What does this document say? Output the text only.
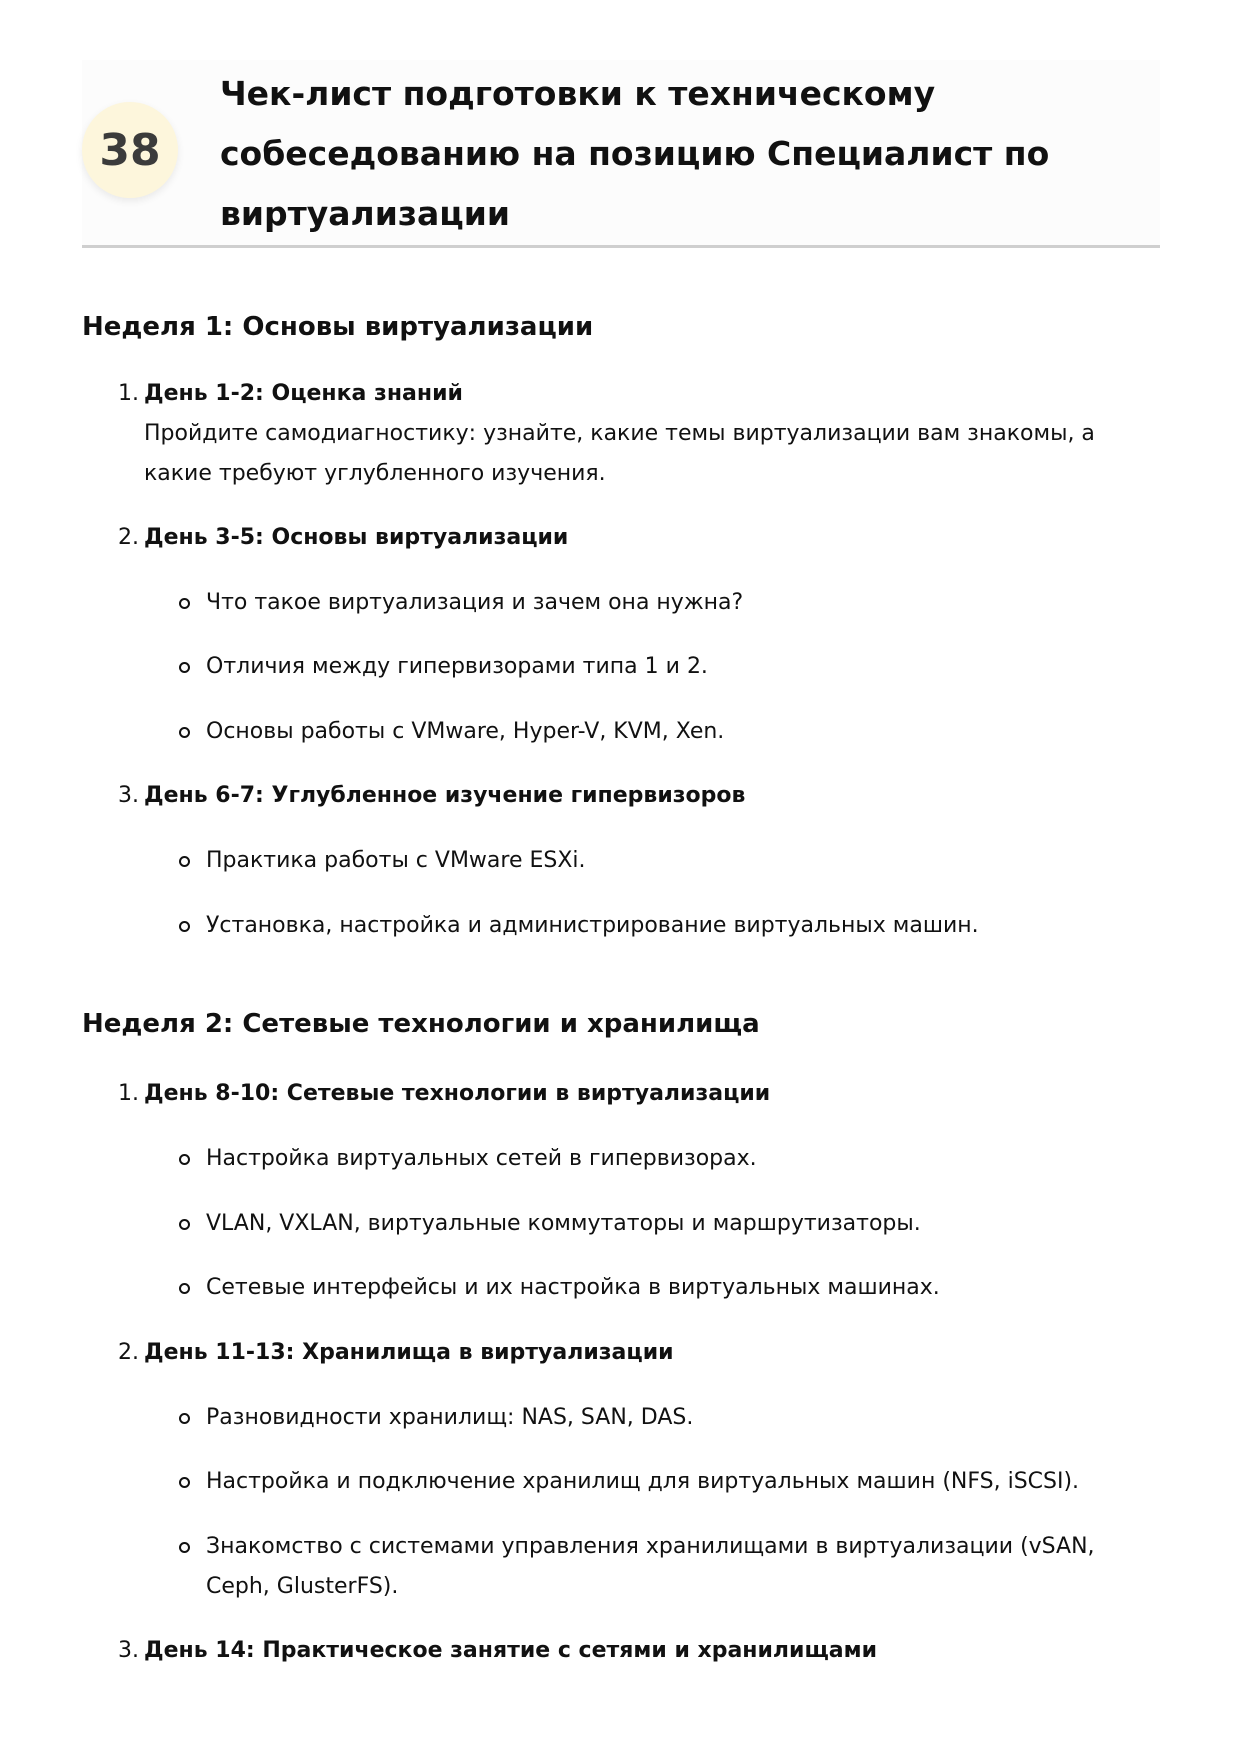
38
Чек-лист подготовки к техническому собеседованию на позицию Специалист по виртуализации
Неделя 1: Основы виртуализации
1. День 1-2: Оценка знаний

Пройдите самодиагностику: узнайте, какие темы виртуализации вам знакомы, а какие требуют углубленного изучения.

2. День 3-5: Основы виртуализации
Что такое виртуализация и зачем она нужна?
Отличия между гипервизорами типа 1 и 2.
Основы работы с VMware, Hyper-V, KVM, Xen.
3. День 6-7: Углубленное изучение гипервизоров
Практика работы с VMware ESXi.
Установка, настройка и администрирование виртуальных машин.
Неделя 2: Сетевые технологии и хранилища
1. День 8-10: Сетевые технологии в виртуализации
Настройка виртуальных сетей в гипервизорах.
VLAN, VXLAN, виртуальные коммутаторы и маршрутизаторы.
Сетевые интерфейсы и их настройка в виртуальных машинах.
2. День 11-13: Хранилища в виртуализации
Разновидности хранилищ: NAS, SAN, DAS.
Настройка и подключение хранилищ для виртуальных машин (NFS, iSCSI).
Знакомство с системами управления хранилищами в виртуализации (vSAN, Ceph, GlusterFS).
3. День 14: Практическое занятие с сетями и хранилищами
